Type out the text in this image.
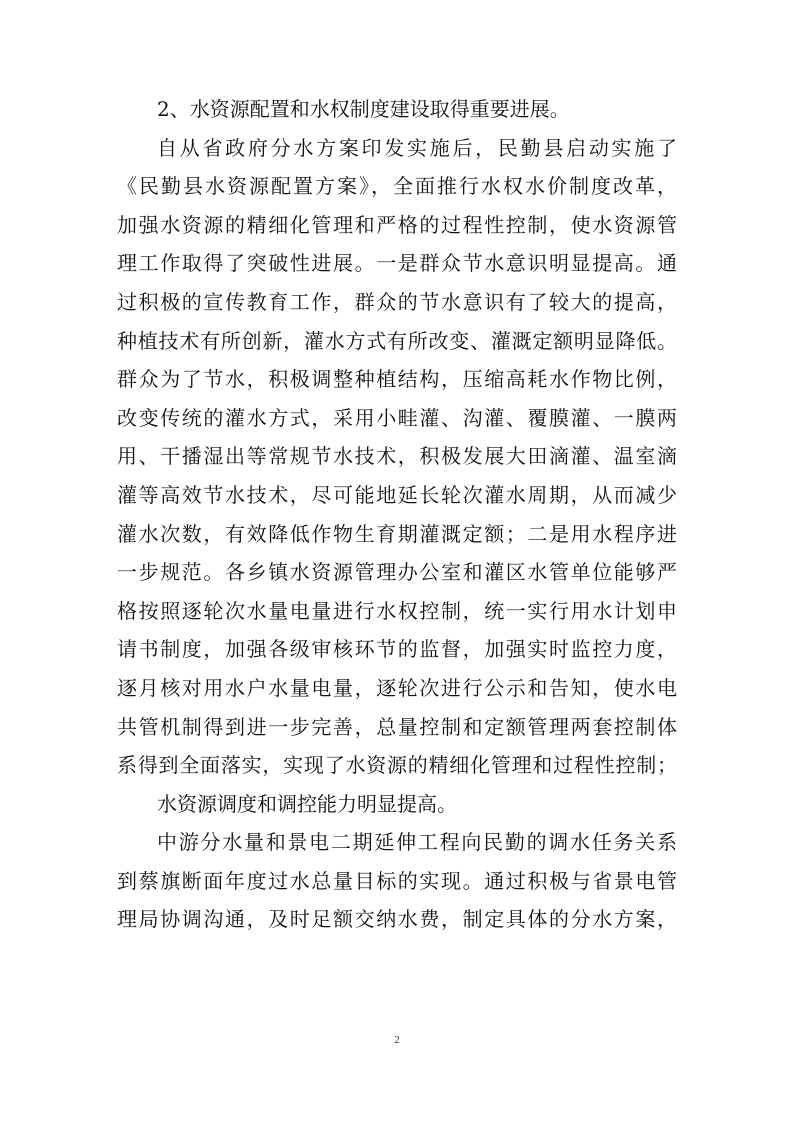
2、水资源配置和水权制度建设取得重要进展。
自从省政府分水方案印发实施后，民勤县启动实施了
《民勤县水资源配置方案》，全面推行水权水价制度改革，
加强水资源的精细化管理和严格的过程性控制，使水资源管
理工作取得了突破性进展。一是群众节水意识明显提高。通
过积极的宣传教育工作，群众的节水意识有了较大的提高，
种植技术有所创新，灌水方式有所改变、灌溉定额明显降低。
群众为了节水，积极调整种植结构，压缩高耗水作物比例，
改变传统的灌水方式，采用小畦灌、沟灌、覆膜灌、一膜两
用、干播湿出等常规节水技术，积极发展大田滴灌、温室滴
灌等高效节水技术，尽可能地延长轮次灌水周期，从而减少
灌水次数，有效降低作物生育期灌溉定额；二是用水程序进
一步规范。各乡镇水资源管理办公室和灌区水管单位能够严
格按照逐轮次水量电量进行水权控制，统一实行用水计划申
请书制度，加强各级审核环节的监督，加强实时监控力度，
逐月核对用水户水量电量，逐轮次进行公示和告知，使水电
共管机制得到进一步完善，总量控制和定额管理两套控制体
系得到全面落实，实现了水资源的精细化管理和过程性控制；
水资源调度和调控能力明显提高。
中游分水量和景电二期延伸工程向民勤的调水任务关系
到蔡旗断面年度过水总量目标的实现。通过积极与省景电管
理局协调沟通，及时足额交纳水费，制定具体的分水方案，
2
